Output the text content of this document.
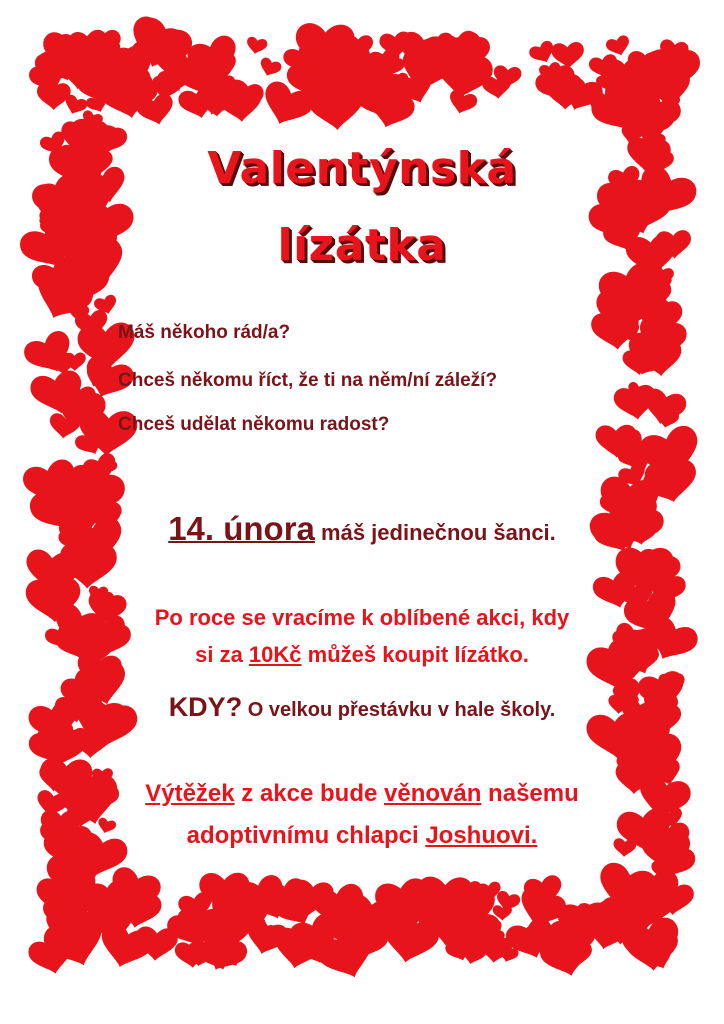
Valentýnská
lízátka
Máš někoho rád/a?
Chceš někomu říct, že ti na něm/ní záleží?
Chceš udělat někomu radost?
14. února máš jedinečnou šanci.
Po roce se vracíme k oblíbené akci, kdy
si za 10Kč můžeš koupit lízátko.
KDY? O velkou přestávku v hale školy.
Výtěžek z akce bude věnován našemu
adoptivnímu chlapci Joshuovi.
